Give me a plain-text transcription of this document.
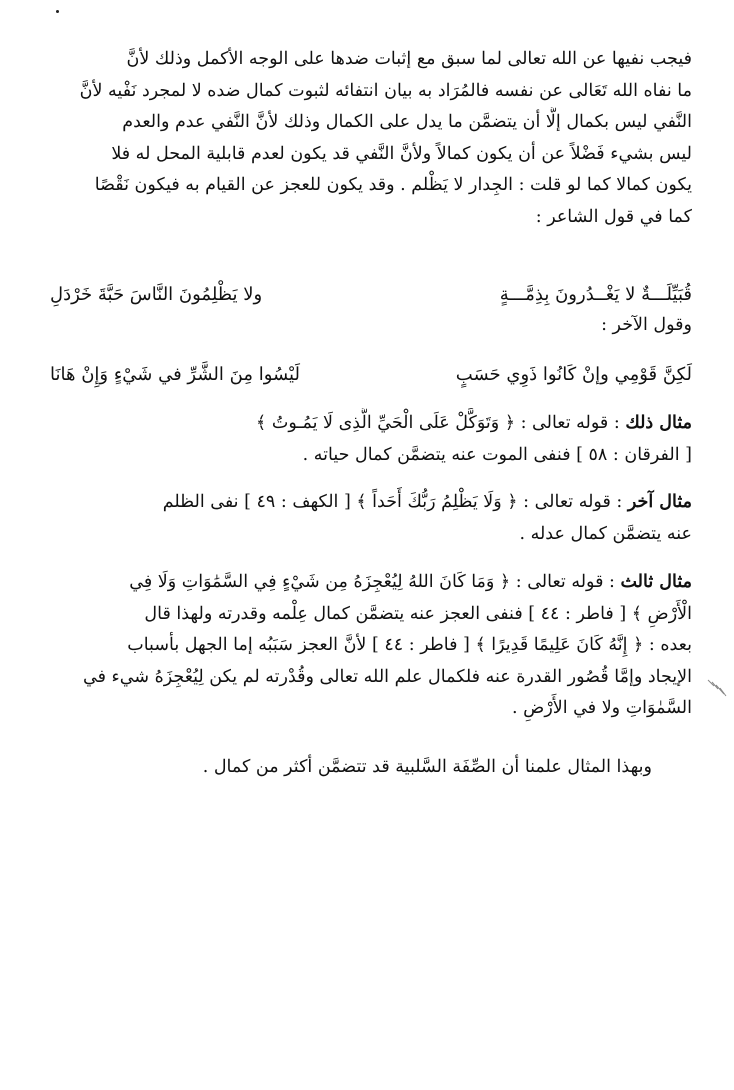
فيجب نفيها عن الله تعالى لما سبق مع إثبات ضدها على الوجه الأكمل وذلك لأنَّ
ما نفاه الله تَعَالى عن نفسه فالمُرَاد به بيان انتفائه لثبوت كمال ضده لا لمجرد نَفْيه لأنَّ
النَّفي ليس بكمال إلَّا أن يتضمَّن ما يدل على الكمال وذلك لأنَّ النَّفي عدم والعدم
ليس بشيء فَضْلاً عن أن يكون كمالاً ولأنَّ النَّفي قد يكون لعدم قابلية المحل له فلا
يكون كمالا كما لو قلت : الجِدار لا يَظْلم . وقد يكون للعجز عن القيام به فيكون نَقْصًا
كما في قول الشاعر :
قُبَيِّلَـــةٌ لا يَغْــدُرونَ بِذِمَّـــةٍ
ولا يَظْلِمُونَ النَّاسَ حَبَّةَ خَرْدَلِ
وقول الآخر :
لَكِنَّ قَوْمِي وإنْ كَانُوا ذَوِي حَسَبٍ
لَيْسُوا مِنَ الشَّرِّ في شَيْءٍ وَإِنْ هَانَا
مثال ذلك : قوله تعالى : ﴿ وَتَوَكَّلْ عَلَى الْحَيِّ الَّذِى لَا يَمُـوتُ ﴾
[ الفرقان : ٥٨ ] فنفى الموت عنه يتضمَّن كمال حياته .
مثال آخر : قوله تعالى : ﴿ وَلَا يَظْلِمُ رَبُّكَ أَحَداً ﴾ [ الكهف : ٤٩ ] نفى الظلم
عنه يتضمَّن كمال عدله .
مثال ثالث : قوله تعالى : ﴿ وَمَا كَانَ اللهُ لِيُعْجِزَهُ مِن شَيْءٍ فِي السَّمَٰوَاتِ وَلَا فِي
الْأَرْضِ ﴾ [ فاطر : ٤٤ ] فنفى العجز عنه يتضمَّن كمال عِلْمه وقدرته ولهذا قال
بعده : ﴿ إِنَّهُ كَانَ عَلِيمًا قَدِيرًا ﴾ [ فاطر : ٤٤ ] لأنَّ العجز سَبَبُه إما الجهل بأسباب
الإيجاد وإمَّا قُصُور القدرة عنه فلكمال علم الله تعالى وقُدْرته لم يكن لِيُعْجِزَهُ شيء في
السَّمٰوَاتِ ولا في الأَرْضِ .
وبهذا المثال علمنا أن الصِّفَة السَّلبية قد تتضمَّن أكثر من كمال .
